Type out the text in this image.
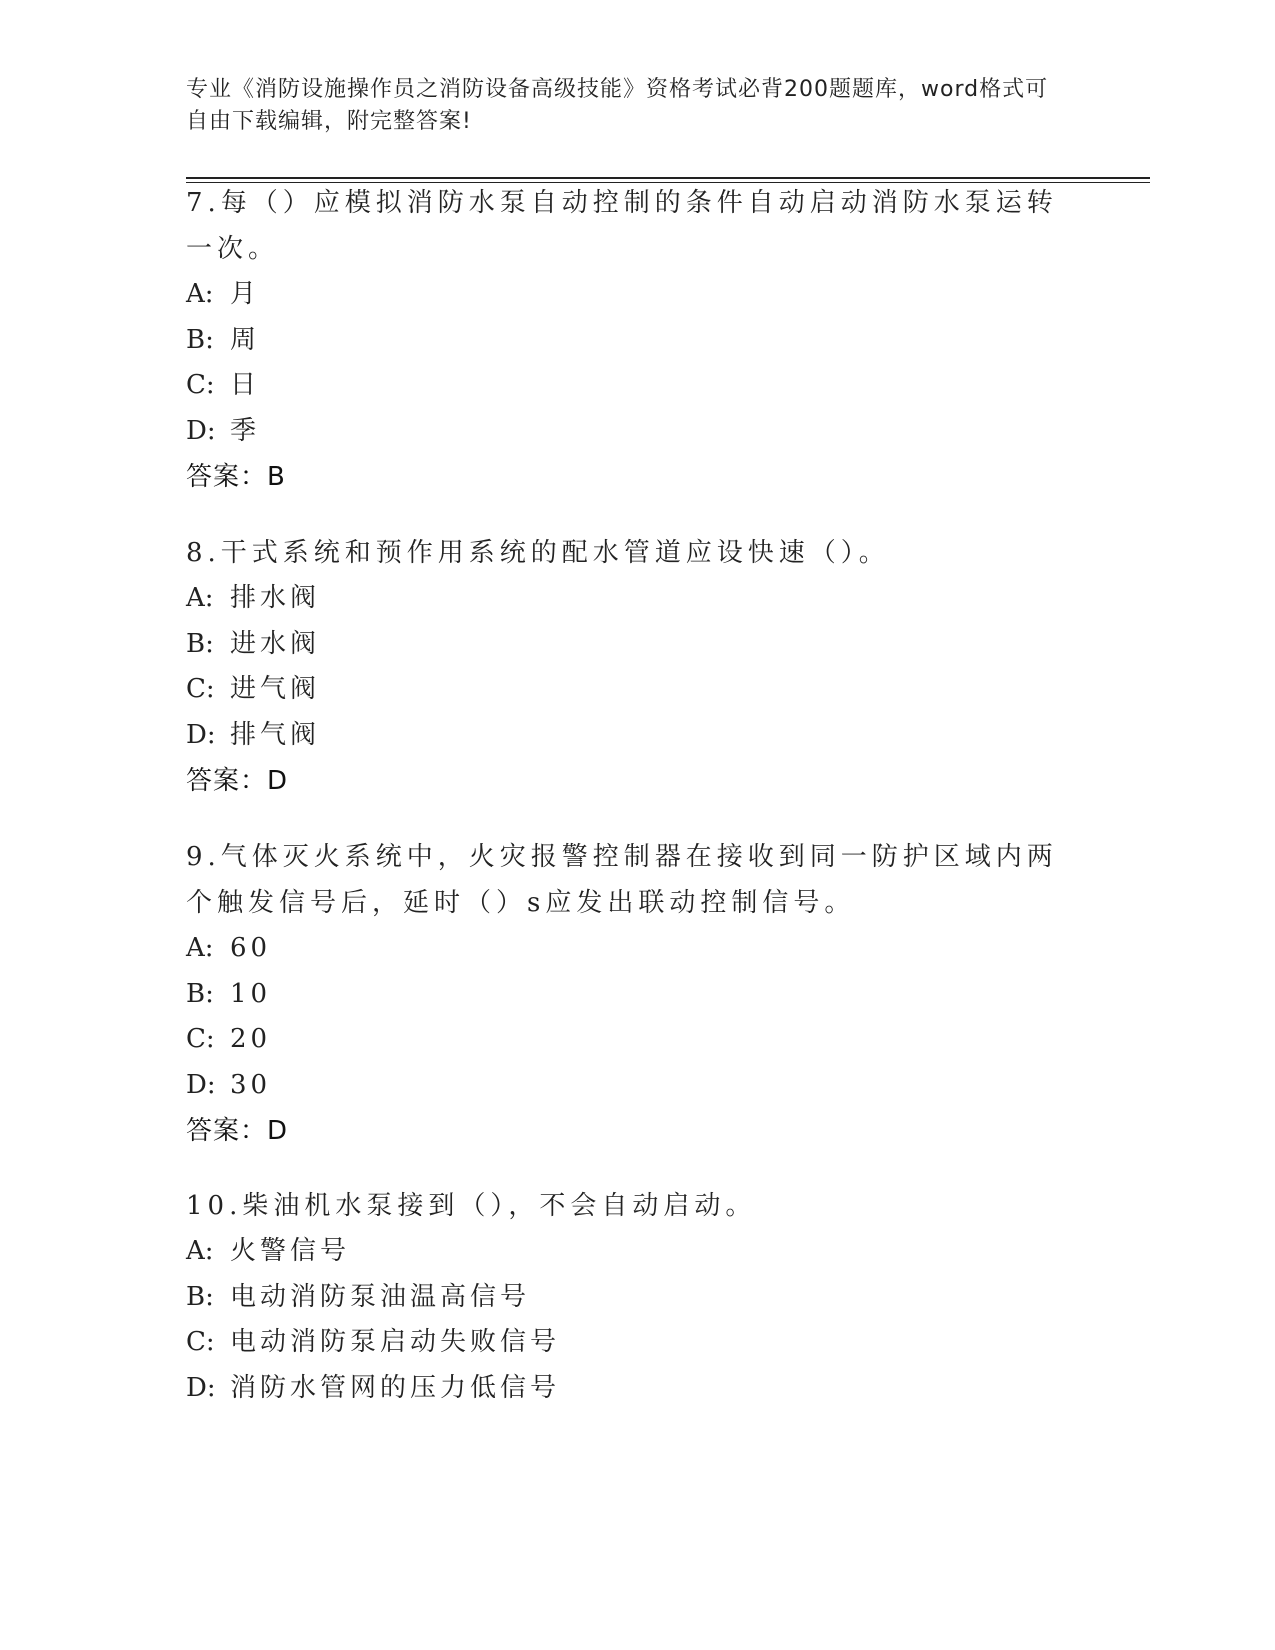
专业《消防设施操作员之消防设备高级技能》资格考试必背200题题库，word格式可自由下载编辑，附完整答案!
7.每（）应模拟消防水泵自动控制的条件自动启动消防水泵运转一次。
A: 月
B: 周
C: 日
D: 季
答案：B
8.干式系统和预作用系统的配水管道应设快速（）。
A: 排水阀
B: 进水阀
C: 进气阀
D: 排气阀
答案：D
9.气体灭火系统中，火灾报警控制器在接收到同一防护区域内两个触发信号后，延时（）s应发出联动控制信号。
A: 60
B: 10
C: 20
D: 30
答案：D
10.柴油机水泵接到（），不会自动启动。
A: 火警信号
B: 电动消防泵油温高信号
C: 电动消防泵启动失败信号
D: 消防水管网的压力低信号
